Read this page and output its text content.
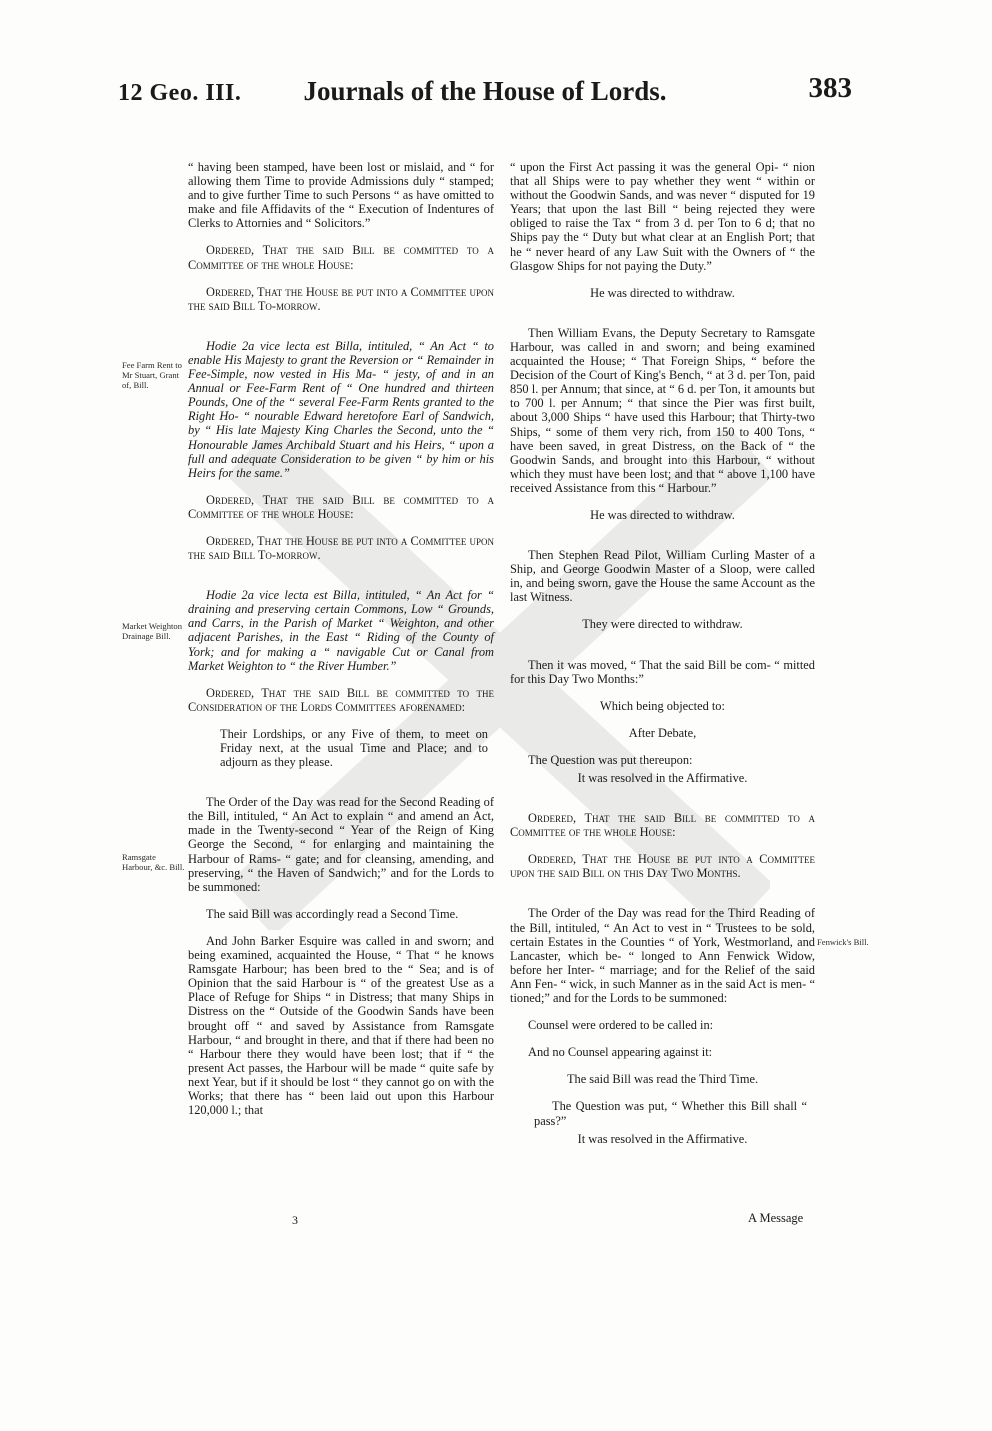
12 Geo. III.	Journals of the House of Lords.	383
Fee Farm Rent to Mr Stuart, Grant of, Bill.
Market Weighton Drainage Bill.
Ramsgate Harbour, &c. Bill.
Fenwick's Bill.

“ having been stamped, have been lost or mislaid, and “ for allowing them Time to provide Admissions duly “ stamped; and to give further Time to such Persons “ as have omitted to make and file Affidavits of the “ Execution of Indentures of Clerks to Attornies and “ Solicitors.”

Ordered, That the said Bill be committed to a Committee of the whole House:

Ordered, That the House be put into a Committee upon the said Bill To-morrow.

Hodie 2a vice lecta est Billa, intituled, “ An Act “ to enable His Majesty to grant the Reversion or “ Remainder in Fee-Simple, now vested in His Ma- “ jesty, of and in an Annual or Fee-Farm Rent of “ One hundred and thirteen Pounds, One of the “ several Fee-Farm Rents granted to the Right Ho- “ nourable Edward heretofore Earl of Sandwich, by “ His late Majesty King Charles the Second, unto the “ Honourable James Archibald Stuart and his Heirs, “ upon a full and adequate Consideration to be given “ by him or his Heirs for the same.”

Ordered, That the said Bill be committed to a Committee of the whole House:

Ordered, That the House be put into a Committee upon the said Bill To-morrow.

Hodie 2a vice lecta est Billa, intituled, “ An Act for “ draining and preserving certain Commons, Low “ Grounds, and Carrs, in the Parish of Market “ Weighton, and other adjacent Parishes, in the East “ Riding of the County of York; and for making a “ navigable Cut or Canal from Market Weighton to “ the River Humber.”

Ordered, That the said Bill be committed to the Consideration of the Lords Committees aforenamed:

Their Lordships, or any Five of them, to meet on Friday next, at the usual Time and Place; and to adjourn as they please.

The Order of the Day was read for the Second Reading of the Bill, intituled, “ An Act to explain “ and amend an Act, made in the Twenty-second “ Year of the Reign of King George the Second, “ for enlarging and maintaining the Harbour of Rams- “ gate; and for cleansing, amending, and preserving, “ the Haven of Sandwich;” and for the Lords to be summoned:

The said Bill was accordingly read a Second Time.

And John Barker Esquire was called in and sworn; and being examined, acquainted the House, “ That “ he knows Ramsgate Harbour; has been bred to the “ Sea; and is of Opinion that the said Harbour is “ of the greatest Use as a Place of Refuge for Ships “ in Distress; that many Ships in Distress on the “ Outside of the Goodwin Sands have been brought off “ and saved by Assistance from Ramsgate Harbour, “ and brought in there, and that if there had been no “ Harbour there they would have been lost; that if “ the present Act passes, the Harbour will be made “ quite safe by next Year, but if it should be lost “ they cannot go on with the Works; that there has “ been laid out upon this Harbour 120,000 l.; that

“ upon the First Act passing it was the general Opi- “ nion that all Ships were to pay whether they went “ within or without the Goodwin Sands, and was never “ disputed for 19 Years; that upon the last Bill “ being rejected they were obliged to raise the Tax “ from 3 d. per Ton to 6 d; that no Ships pay the “ Duty but what clear at an English Port; that he “ never heard of any Law Suit with the Owners of “ the Glasgow Ships for not paying the Duty.”

He was directed to withdraw.

Then William Evans, the Deputy Secretary to Ramsgate Harbour, was called in and sworn; and being examined acquainted the House; “ That Foreign Ships, “ before the Decision of the Court of King's Bench, “ at 3 d. per Ton, paid 850 l. per Annum; that since, at “ 6 d. per Ton, it amounts but to 700 l. per Annum; “ that since the Pier was first built, about 3,000 Ships “ have used this Harbour; that Thirty-two Ships, “ some of them very rich, from 150 to 400 Tons, “ have been saved, in great Distress, on the Back of “ the Goodwin Sands, and brought into this Harbour, “ without which they must have been lost; and that “ above 1,100 have received Assistance from this “ Harbour.”

He was directed to withdraw.

Then Stephen Read Pilot, William Curling Master of a Ship, and George Goodwin Master of a Sloop, were called in, and being sworn, gave the House the same Account as the last Witness.

They were directed to withdraw.

Then it was moved, “ That the said Bill be com- “ mitted for this Day Two Months:”

Which being objected to:

After Debate,

The Question was put thereupon:

It was resolved in the Affirmative.

Ordered, That the said Bill be committed to a Committee of the whole House:

Ordered, That the House be put into a Committee upon the said Bill on this Day Two Months.

The Order of the Day was read for the Third Reading of the Bill, intituled, “ An Act to vest in “ Trustees to be sold, certain Estates in the Counties “ of York, Westmorland, and Lancaster, which be- “ longed to Ann Fenwick Widow, before her Inter- “ marriage; and for the Relief of the said Ann Fen- “ wick, in such Manner as in the said Act is men- “ tioned;” and for the Lords to be summoned:

Counsel were ordered to be called in:

And no Counsel appearing against it:

The said Bill was read the Third Time.

The Question was put, “ Whether this Bill shall “ pass?”

It was resolved in the Affirmative.

3	A Message
